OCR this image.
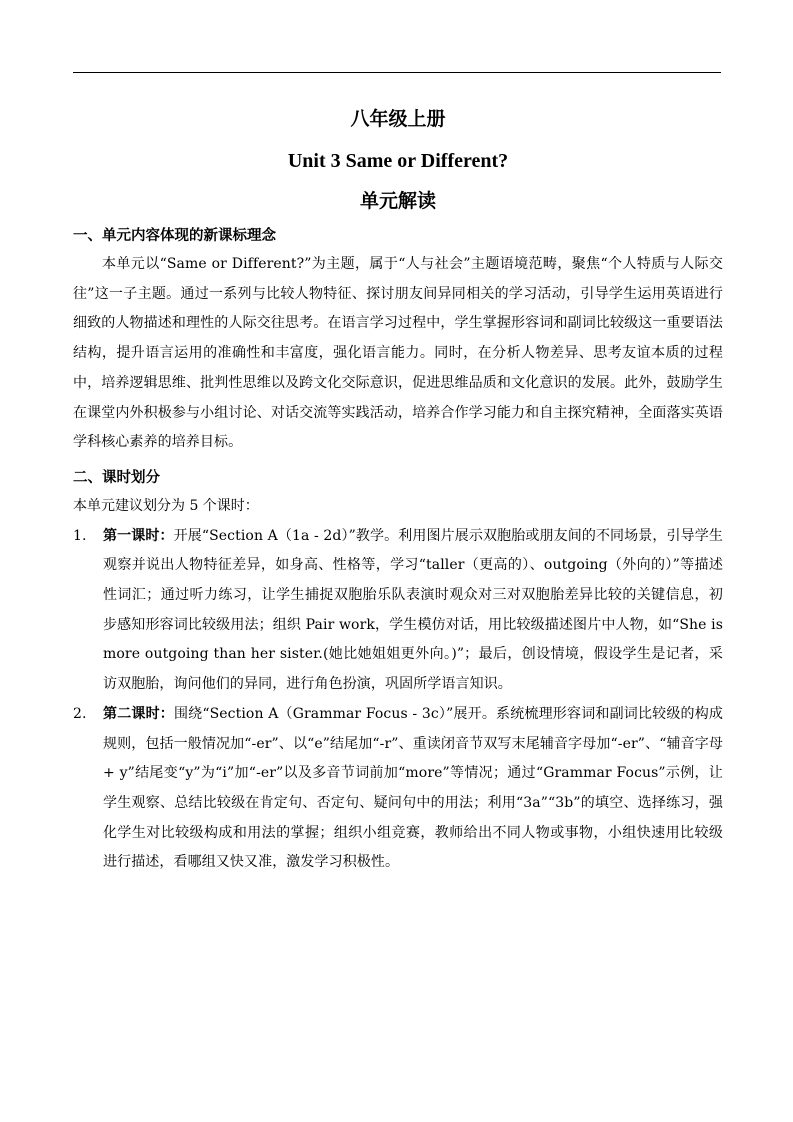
八年级上册
Unit 3 Same or Different?
单元解读

一、单元内容体现的新课标理念

本单元以“Same or Different?”为主题，属于“人与社会”主题语境范畴，聚焦“个人特质与人际交往”这一子主题。通过一系列与比较人物特征、探讨朋友间异同相关的学习活动，引导学生运用英语进行细致的人物描述和理性的人际交往思考。在语言学习过程中，学生掌握形容词和副词比较级这一重要语法结构，提升语言运用的准确性和丰富度，强化语言能力。同时，在分析人物差异、思考友谊本质的过程中，培养逻辑思维、批判性思维以及跨文化交际意识，促进思维品质和文化意识的发展。此外，鼓励学生在课堂内外积极参与小组讨论、对话交流等实践活动，培养合作学习能力和自主探究精神，全面落实英语学科核心素养的培养目标。

二、课时划分

本单元建议划分为 5 个课时：

1. 第一课时：开展“Section A（1a - 2d）”教学。利用图片展示双胞胎或朋友间的不同场景，引导学生观察并说出人物特征差异，如身高、性格等，学习“taller（更高的）、outgoing（外向的）”等描述性词汇；通过听力练习，让学生捕捉双胞胎乐队表演时观众对三对双胞胎差异比较的关键信息，初步感知形容词比较级用法；组织 Pair work，学生模仿对话，用比较级描述图片中人物，如“She is more outgoing than her sister.(她比她姐姐更外向。)”；最后，创设情境，假设学生是记者，采访双胞胎，询问他们的异同，进行角色扮演，巩固所学语言知识。
2. 第二课时：围绕“Section A（Grammar Focus - 3c）”展开。系统梳理形容词和副词比较级的构成规则，包括一般情况加“-er”、以“e”结尾加“-r”、重读闭音节双写末尾辅音字母加“-er”、“辅音字母 + y”结尾变“y”为“i”加“-er”以及多音节词前加“more”等情况；通过“Grammar Focus”示例，让学生观察、总结比较级在肯定句、否定句、疑问句中的用法；利用“3a”“3b”的填空、选择练习，强化学生对比较级构成和用法的掌握；组织小组竞赛，教师给出不同人物或事物，小组快速用比较级进行描述，看哪组又快又准，激发学习积极性。
